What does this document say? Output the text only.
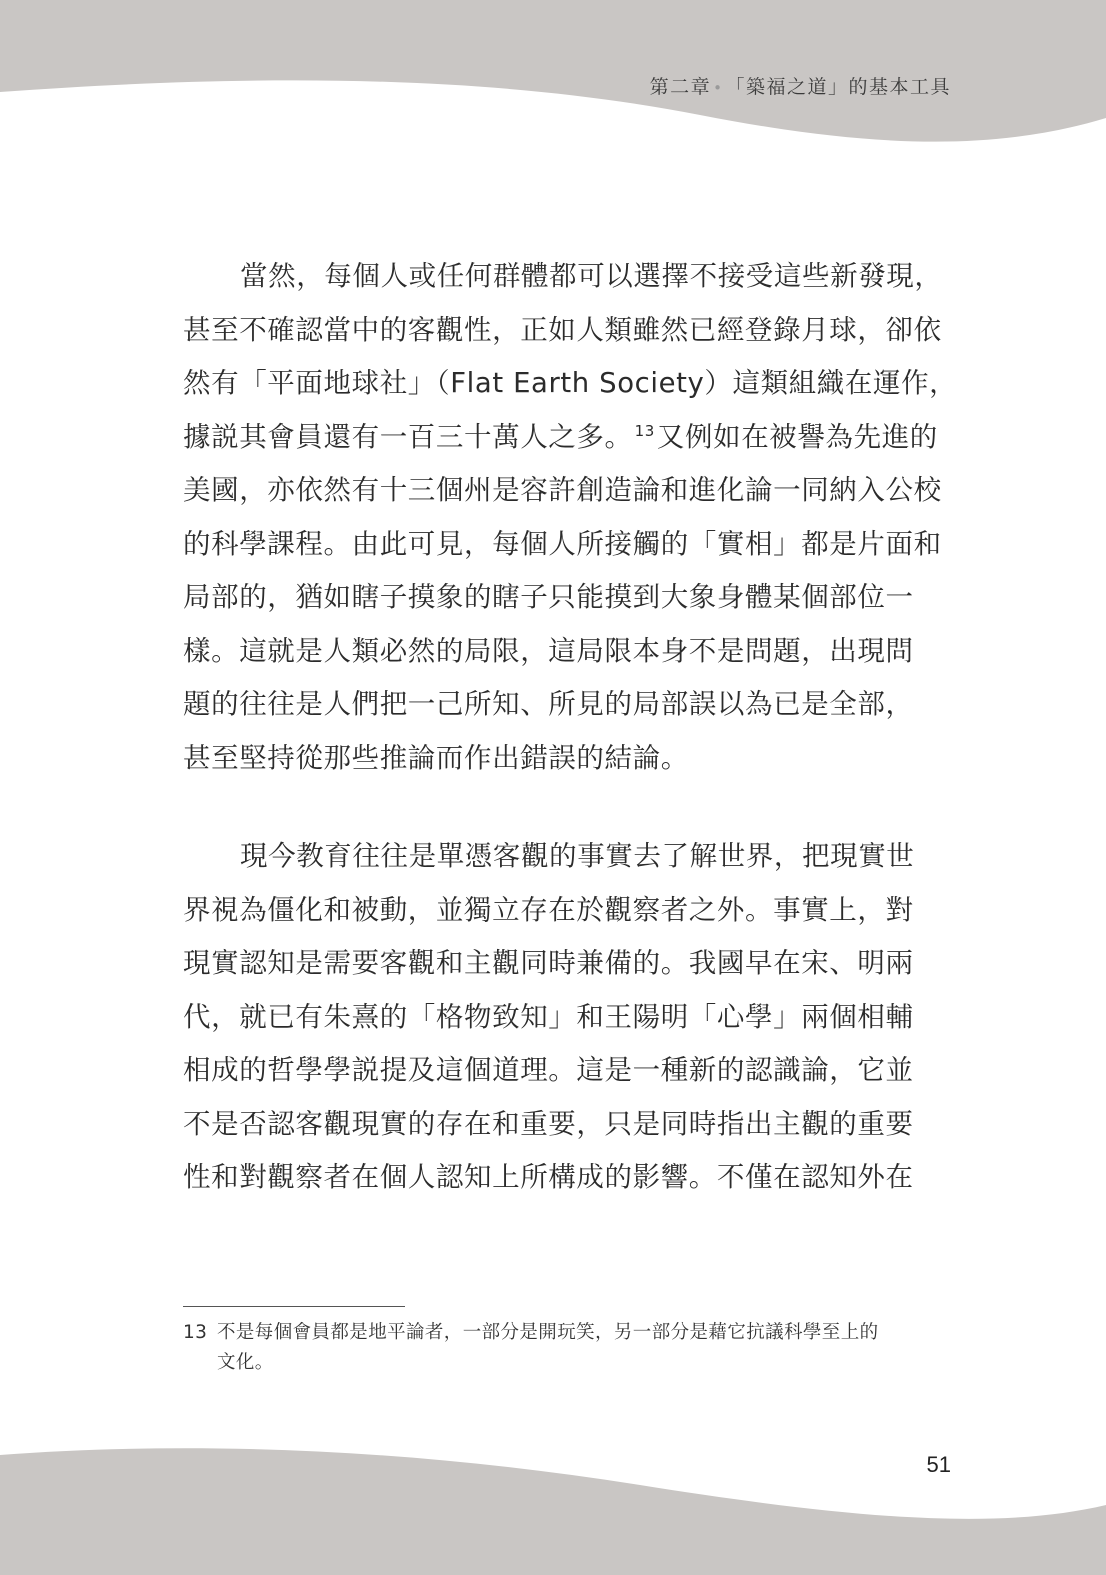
第二章 • 「築福之道」的基本工具

當然，每個人或任何群體都可以選擇不接受這些新發現，
甚至不確認當中的客觀性，正如人類雖然已經登錄月球，卻依
然有「平面地球社」（Flat Earth Society）這類組織在運作，
據説其會員還有一百三十萬人之多。 $^{13}$又例如在被譽為先進的
美國，亦依然有十三個州是容許創造論和進化論一同納入公校
的科學課程。由此可見，每個人所接觸的「實相」都是片面和
局部的，猶如瞎子摸象的瞎子只能摸到大象身體某個部位一
樣。這就是人類必然的局限，這局限本身不是問題，出現問
題的往往是人們把一己所知、所見的局部誤以為已是全部，
甚至堅持從那些推論而作出錯誤的結論。

現今教育往往是單憑客觀的事實去了解世界，把現實世
界視為僵化和被動，並獨立存在於觀察者之外。事實上，對
現實認知是需要客觀和主觀同時兼備的。我國早在宋、明兩
代，就已有朱熹的「格物致知」和王陽明「心學」兩個相輔
相成的哲學學説提及這個道理。這是一種新的認識論，它並
不是否認客觀現實的存在和重要，只是同時指出主觀的重要
性和對觀察者在個人認知上所構成的影響。不僅在認知外在

13 不是每個會員都是地平論者，一部分是開玩笑，另一部分是藉它抗議科學至上的
文化。
51
